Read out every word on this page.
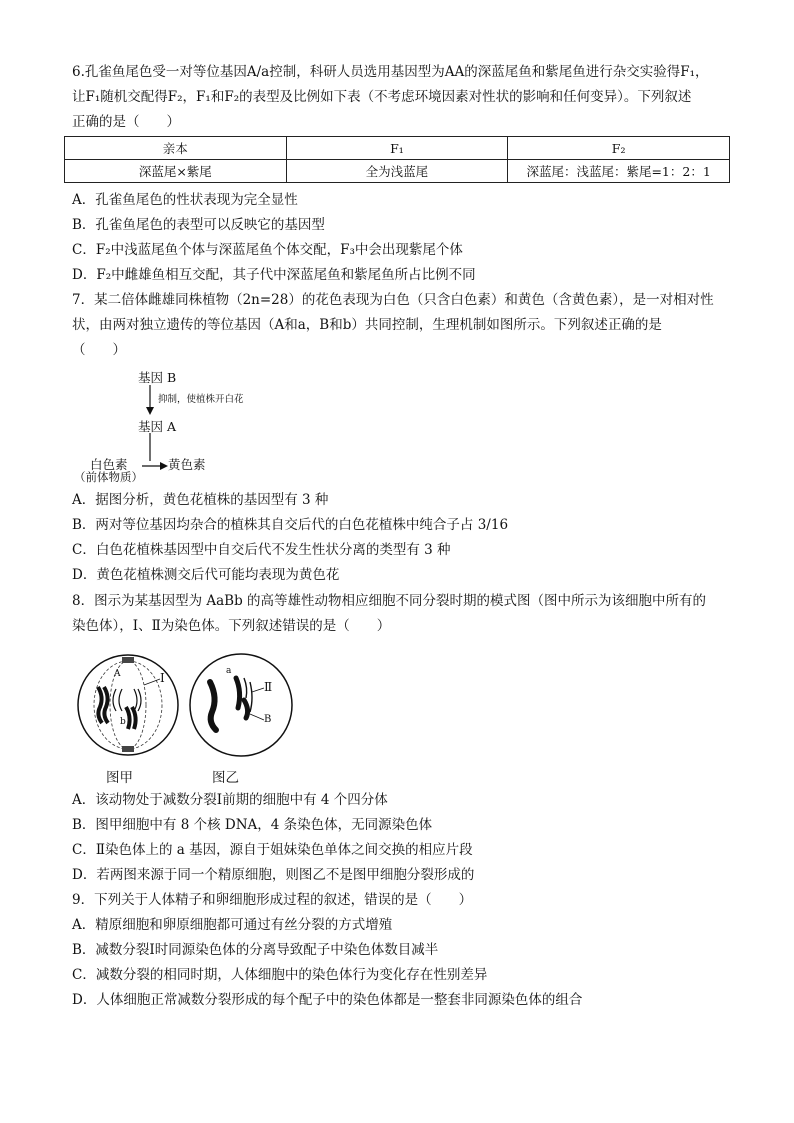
6.孔雀鱼尾色受一对等位基因A/a控制，科研人员选用基因型为AA的深蓝尾鱼和紫尾鱼进行杂交实验得F₁，
让F₁随机交配得F₂，F₁和F₂的表型及比例如下表（不考虑环境因素对性状的影响和任何变异）。下列叙述
正确的是（　　）
亲本	F₁	F₂
深蓝尾×紫尾	全为浅蓝尾	深蓝尾：浅蓝尾：紫尾=1：2：1
A．孔雀鱼尾色的性状表现为完全显性
B．孔雀鱼尾色的表型可以反映它的基因型
C．F₂中浅蓝尾鱼个体与深蓝尾鱼个体交配，F₃中会出现紫尾个体
D．F₂中雌雄鱼相互交配，其子代中深蓝尾鱼和紫尾鱼所占比例不同
7．某二倍体雌雄同株植物（2n=28）的花色表现为白色（只含白色素）和黄色（含黄色素），是一对相对性
状，由两对独立遗传的等位基因（A和a，B和b）共同控制，生理机制如图所示。下列叙述正确的是
（　　）
基因 B
抑制，使植株开白花
基因 A
白色素
（前体物质）
黄色素
A．据图分析，黄色花植株的基因型有 3 种
B．两对等位基因均杂合的植株其自交后代的白色花植株中纯合子占 3/16
C．白色花植株基因型中自交后代不发生性状分离的类型有 3 种
D．黄色花植株测交后代可能均表现为黄色花
8．图示为某基因型为 AaBb 的高等雄性动物相应细胞不同分裂时期的模式图（图中所示为该细胞中所有的
染色体），Ⅰ、Ⅱ为染色体。下列叙述错误的是（　　）
A
b
Ⅰ	a
Ⅱ
B
图甲	图乙
A．该动物处于减数分裂Ⅰ前期的细胞中有 4 个四分体
B．图甲细胞中有 8 个核 DNA，4 条染色体，无同源染色体
C．Ⅱ染色体上的 a 基因，源自于姐妹染色单体之间交换的相应片段
D．若两图来源于同一个精原细胞，则图乙不是图甲细胞分裂形成的
9．下列关于人体精子和卵细胞形成过程的叙述，错误的是（　　）
A．精原细胞和卵原细胞都可通过有丝分裂的方式增殖
B．减数分裂Ⅰ时同源染色体的分离导致配子中染色体数目减半
C．减数分裂的相同时期，人体细胞中的染色体行为变化存在性别差异
D．人体细胞正常减数分裂形成的每个配子中的染色体都是一整套非同源染色体的组合
